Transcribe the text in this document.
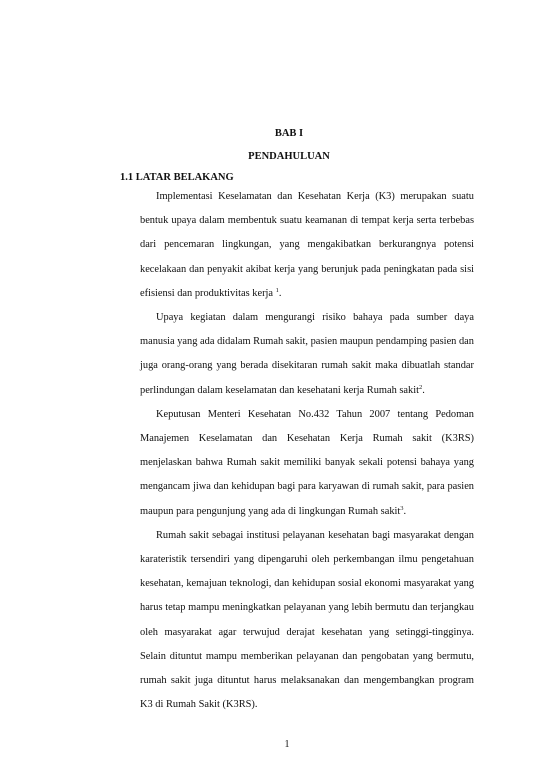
BAB I
PENDAHULUAN
1.1 LATAR BELAKANG

Implementasi Keselamatan dan Kesehatan Kerja (K3) merupakan suatu bentuk upaya dalam membentuk suatu keamanan di tempat kerja serta terbebas dari pencemaran lingkungan, yang mengakibatkan berkurangnya potensi kecelakaan dan penyakit akibat kerja yang berunjuk pada peningkatan pada sisi efisiensi dan produktivitas kerja $^1$.

Upaya kegiatan dalam mengurangi risiko bahaya pada sumber daya manusia yang ada didalam Rumah sakit, pasien maupun pendamping pasien dan juga orang-orang yang berada disekitaran rumah sakit maka dibuatlah standar perlindungan dalam keselamatan dan kesehatani kerja Rumah sakit$^2$.

Keputusan Menteri Kesehatan No.432 Tahun 2007 tentang Pedoman Manajemen Keselamatan dan Kesehatan Kerja Rumah sakit (K3RS) menjelaskan bahwa Rumah sakit memiliki banyak sekali potensi bahaya yang mengancam jiwa dan kehidupan bagi para karyawan di rumah sakit, para pasien maupun para pengunjung yang ada di lingkungan Rumah sakit$^3$.

Rumah sakit sebagai institusi pelayanan kesehatan bagi masyarakat dengan karateristik tersendiri yang dipengaruhi oleh perkembangan ilmu pengetahuan kesehatan, kemajuan teknologi, dan kehidupan sosial ekonomi masyarakat yang harus tetap mampu meningkatkan pelayanan yang lebih bermutu dan terjangkau oleh masyarakat agar terwujud derajat kesehatan yang setinggi-tingginya. Selain dituntut mampu memberikan pelayanan dan pengobatan yang bermutu, rumah sakit juga dituntut harus melaksanakan dan mengembangkan program K3 di Rumah Sakit (K3RS).

1
